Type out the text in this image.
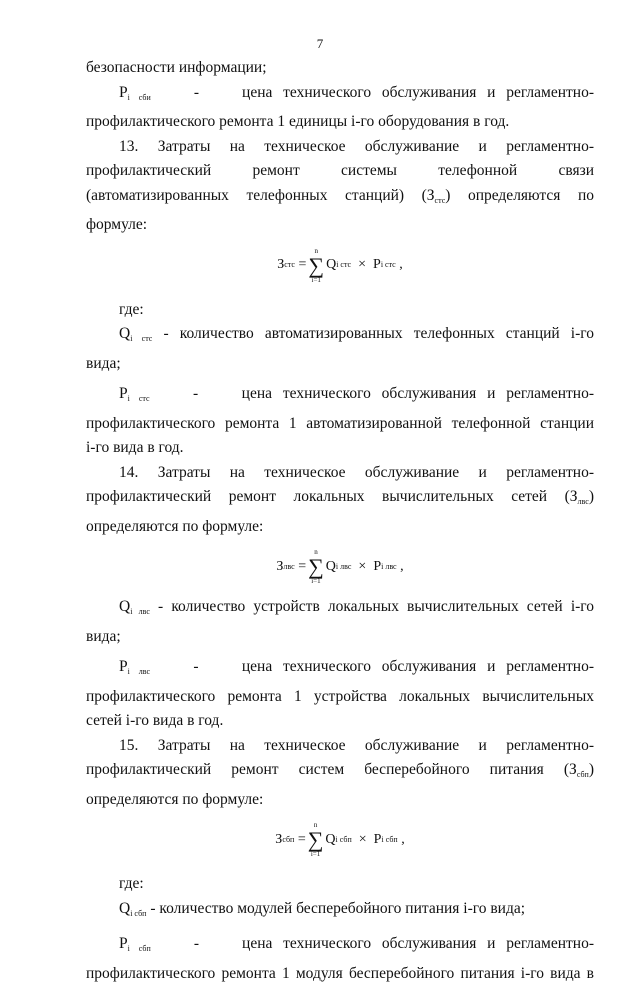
7

безопасности информации;

$P_{i сби}$	-	цена технического обслуживания и регламентно-

профилактического ремонта 1 единицы i-го оборудования в год.

13. Затраты на техническое обслуживание и регламентно-

профилактический ремонт системы телефонной связи

(автоматизированных телефонных станций) $(З_{стс})$ определяются по

формуле:

З стс
=
n
∑
i=1
Q i стс
×
P i стс
,

где:

$Q_{i стс}$ - количество автоматизированных телефонных станций i-го

вида;

$P_{i стс}$	-	цена технического обслуживания и регламентно-

профилактического ремонта 1 автоматизированной телефонной станции

i-го вида в год.

14. Затраты на техническое обслуживание и регламентно-

профилактический ремонт локальных вычислительных сетей $(З_{лвс})$

определяются по формуле:

З лвс
=
n
∑
i=1
Q i лвс
×
P i лвс
,

$Q_{i лвс}$ - количество устройств локальных вычислительных сетей i-го

вида;

$P_{i лвс}$	-	цена технического обслуживания и регламентно-

профилактического ремонта 1 устройства локальных вычислительных

сетей i-го вида в год.

15. Затраты на техническое обслуживание и регламентно-

профилактический ремонт систем бесперебойного питания $(З_{сбп})$

определяются по формуле:

З сбп
=
n
∑
i=1
Q i сбп
×
P i сбп
,

где:

$Q_{i сбп}$ - количество модулей бесперебойного питания i-го вида;

$P_{i сбп}$	-	цена технического обслуживания и регламентно-

профилактического ремонта 1 модуля бесперебойного питания i-го вида в
